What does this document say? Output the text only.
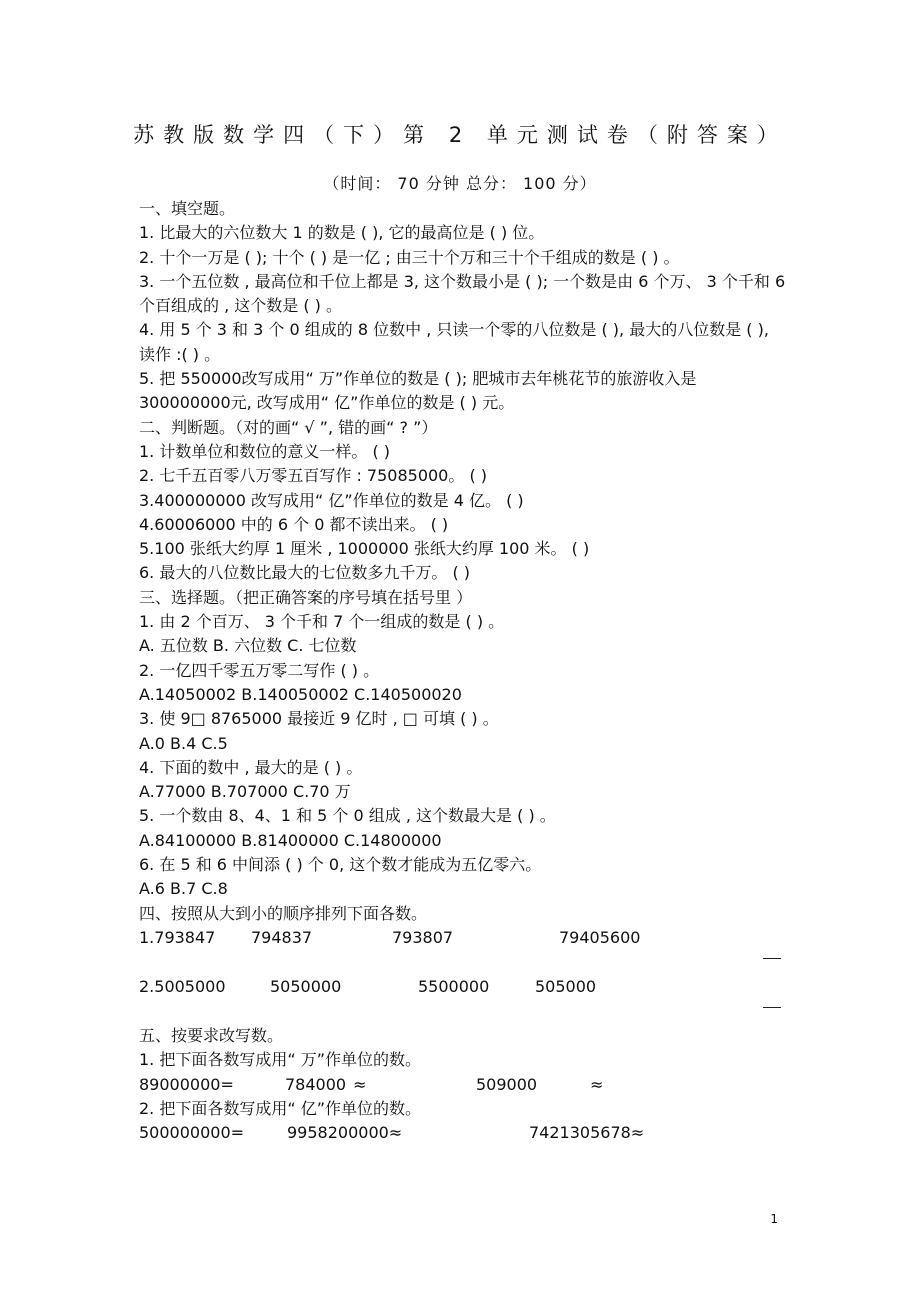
苏教版数学四（下）第 2 单元测试卷（附答案）
（时间： 70 分钟 总分： 100 分）
一、填空题。
1. 比最大的六位数大 1 的数是 ( ), 它的最高位是 ( ) 位。
2. 十个一万是 ( ); 十个 ( ) 是一亿 ; 由三十个万和三十个千组成的数是 ( ) 。
3. 一个五位数 , 最高位和千位上都是 3, 这个数最小是 ( ); 一个数是由 6 个万、 3 个千和 6 个百组成的 , 这个数是 ( ) 。
4. 用 5 个 3 和 3 个 0 组成的 8 位数中 , 只读一个零的八位数是 ( ), 最大的八位数是 ( ), 读作 :( ) 。
5. 把 550000改写成用“ 万”作单位的数是 ( ); 肥城市去年桃花节的旅游收入是 300000000元, 改写成用“ 亿”作单位的数是 ( ) 元。
二、判断题。（对的画“ √ ”, 错的画“ ? ”）
1. 计数单位和数位的意义一样。 ( )
2. 七千五百零八万零五百写作 : 75085000。 ( )
3.400000000 改写成用“ 亿”作单位的数是 4 亿。 ( )
4.60006000 中的 6 个 0 都不读出来。 ( )
5.100 张纸大约厚 1 厘米 , 1000000 张纸大约厚 100 米。 ( )
6. 最大的八位数比最大的七位数多九千万。 ( )
三、选择题。（把正确答案的序号填在括号里 ）
1. 由 2 个百万、 3 个千和 7 个一组成的数是 ( ) 。
A. 五位数 B. 六位数 C. 七位数
2. 一亿四千零五万零二写作 ( ) 。
A.14050002 B.140050002 C.140500020
3. 使 9□ 8765000 最接近 9 亿时 , □ 可填 ( ) 。
A.0 B.4 C.5
4. 下面的数中 , 最大的是 ( ) 。
A.77000 B.707000 C.70 万
5. 一个数由 8、4、1 和 5 个 0 组成 , 这个数最大是 ( ) 。
A.84100000 B.81400000 C.14800000
6. 在 5 和 6 中间添 ( ) 个 0, 这个数才能成为五亿零六。
A.6 B.7 C.8
四、按照从大到小的顺序排列下面各数。
1.793847 794837	793807	79405600
2.5005000	5050000	5500000	505000
五、按要求改写数。
1. 把下面各数写成用“ 万”作单位的数。
89000000=	784000 ≈	509000	≈
2. 把下面各数写成用“ 亿”作单位的数。
500000000=	9958200000≈	7421305678≈
1
